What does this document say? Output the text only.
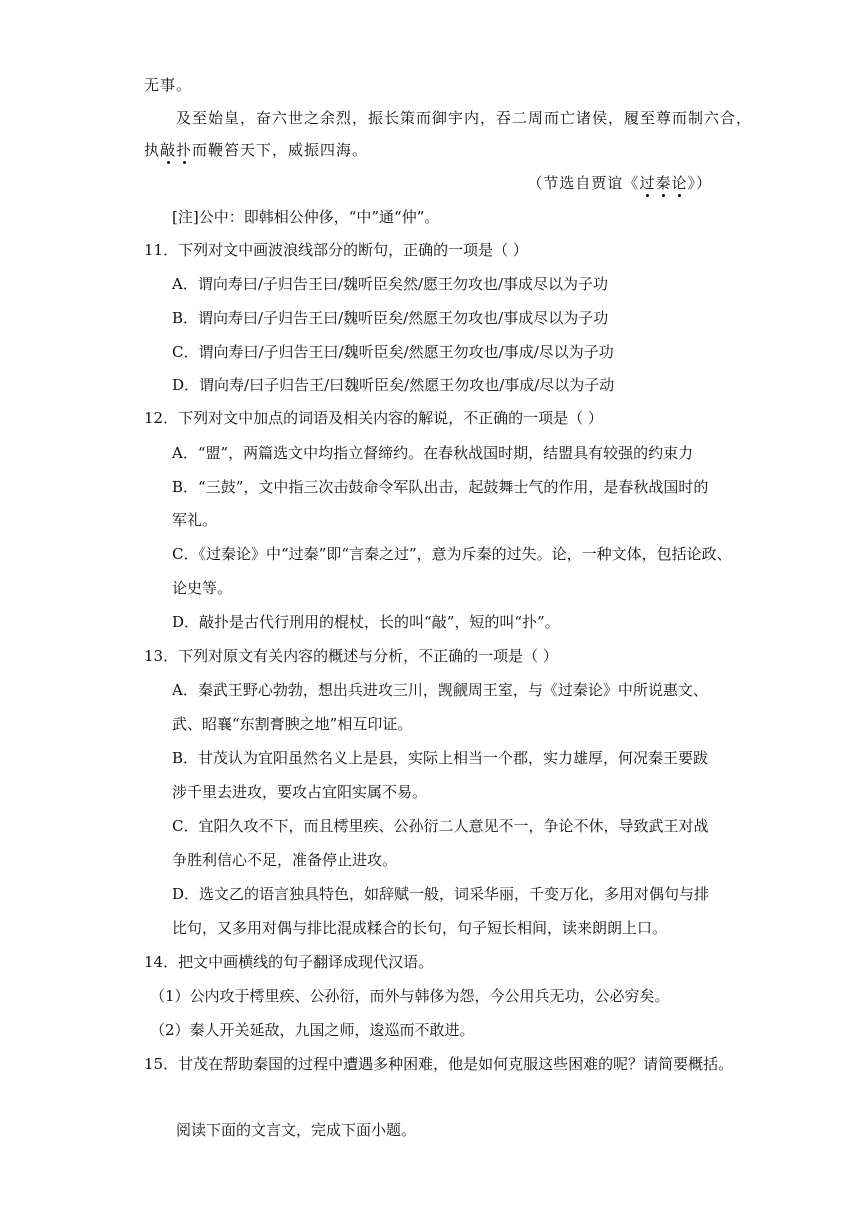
无事。
及至始皇，奋六世之余烈，振长策而御宇内，吞二周而亡诸侯，履至尊而制六合，
执敲扑而鞭笞天下，威振四海。
（节选自贾谊《过秦论》）
[注]公中：即韩相公仲侈，“中”通“仲”。
11．下列对文中画波浪线部分的断句，正确的一项是（ ）
A．谓向寿曰/子归告王曰/魏听臣矣然/愿王勿攻也/事成尽以为子功
B．谓向寿曰/子归告王曰/魏听臣矣/然愿王勿攻也/事成尽以为子功
C．谓向寿曰/子归告王曰/魏听臣矣/然愿王勿攻也/事成/尽以为子功
D．谓向寿/曰子归告王/曰魏听臣矣/然愿王勿攻也/事成/尽以为子动
12．下列对文中加点的词语及相关内容的解说，不正确的一项是（ ）
A．“盟”，两篇选文中均指立督缔约。在春秋战国时期，结盟具有较强的约束力
B．“三鼓”，文中指三次击鼓命令军队出击，起鼓舞士气的作用，是春秋战国时的
军礼。
C．《过秦论》中“过秦”即“言秦之过”，意为斥秦的过失。论，一种文体，包括论政、
论史等。
D．敲扑是古代行刑用的棍杖，长的叫“敲”，短的叫“扑”。
13．下列对原文有关内容的概述与分析，不正确的一项是（ ）
A．秦武王野心勃勃，想出兵进攻三川，觊觎周王室，与《过秦论》中所说惠文、
武、昭襄“东割膏腴之地”相互印证。
B．甘茂认为宜阳虽然名义上是县，实际上相当一个郡，实力雄厚，何况秦王要跋
涉千里去进攻，要攻占宜阳实属不易。
C．宜阳久攻不下，而且樗里疾、公孙衍二人意见不一，争论不休，导致武王对战
争胜利信心不足，准备停止进攻。
D．选文乙的语言独具特色，如辞赋一般，词采华丽，千变万化，多用对偶句与排
比句，又多用对偶与排比混成糅合的长句，句子短长相间，读来朗朗上口。
14．把文中画横线的句子翻译成现代汉语。
（1）公内攻于樗里疾、公孙衍，而外与韩侈为怨，今公用兵无功，公必穷矣。
（2）秦人开关延敌，九国之师，逡巡而不敢进。
15．甘茂在帮助秦国的过程中遭遇多种困难，他是如何克服这些困难的呢？请简要概括。
阅读下面的文言文，完成下面小题。
